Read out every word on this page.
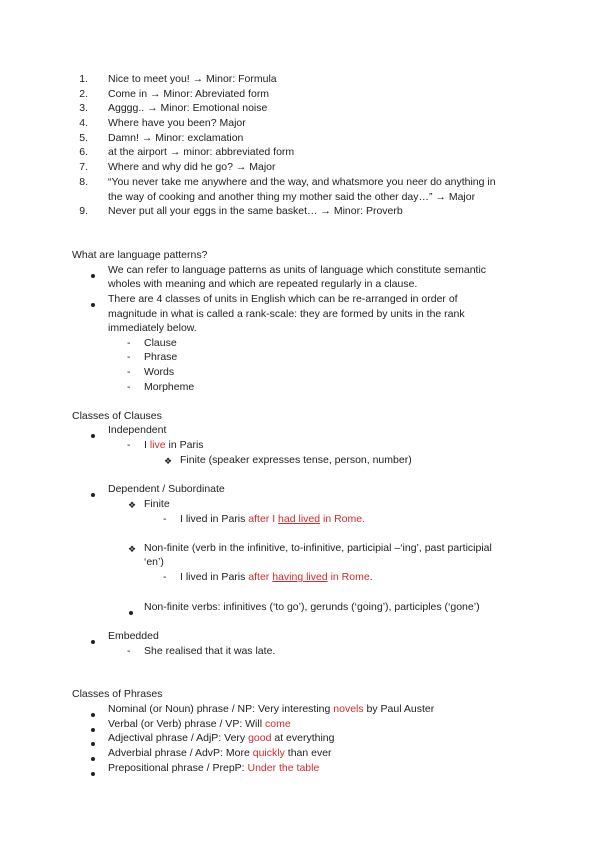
1. Nice to meet you! → Minor: Formula
2. Come in → Minor: Abreviated form
3. Agggg.. → Minor: Emotional noise
4. Where have you been? Major
5. Damn! → Minor: exclamation
6. at the airport → minor: abbreviated form
7. Where and why did he go? → Major
8. “You never take me anywhere and the way, and whatsmore you neer do anything in
the way of cooking and another thing my mother said the other day…” → Major
9. Never put all your eggs in the same basket… → Minor: Proverb
What are language patterns?
We can refer to language patterns as units of language which constitute semantic
wholes with meaning and which are repeated regularly in a clause.
There are 4 classes of units in English which can be re-arranged in order of
magnitude in what is called a rank-scale: they are formed by units in the rank
immediately below.
- Clause
- Phrase
- Words
- Morpheme
Classes of Clauses
Independent
- I live in Paris
❖ Finite (speaker expresses tense, person, number)
Dependent / Subordinate
❖ Finite
- I lived in Paris after I had lived in Rome.
❖ Non-finite (verb in the infinitive, to-infinitive, participial –‘ing’, past participial
‘en’)
- I lived in Paris after having lived in Rome.
Non-finite verbs: infinitives (‘to go’), gerunds (‘going’), participles (‘gone’)
Embedded
- She realised that it was late.
Classes of Phrases
Nominal (or Noun) phrase / NP: Very interesting novels by Paul Auster
Verbal (or Verb) phrase / VP: Will come
Adjectival phrase / AdjP: Very good at everything
Adverbial phrase / AdvP: More quickly than ever
Prepositional phrase / PrepP: Under the table
